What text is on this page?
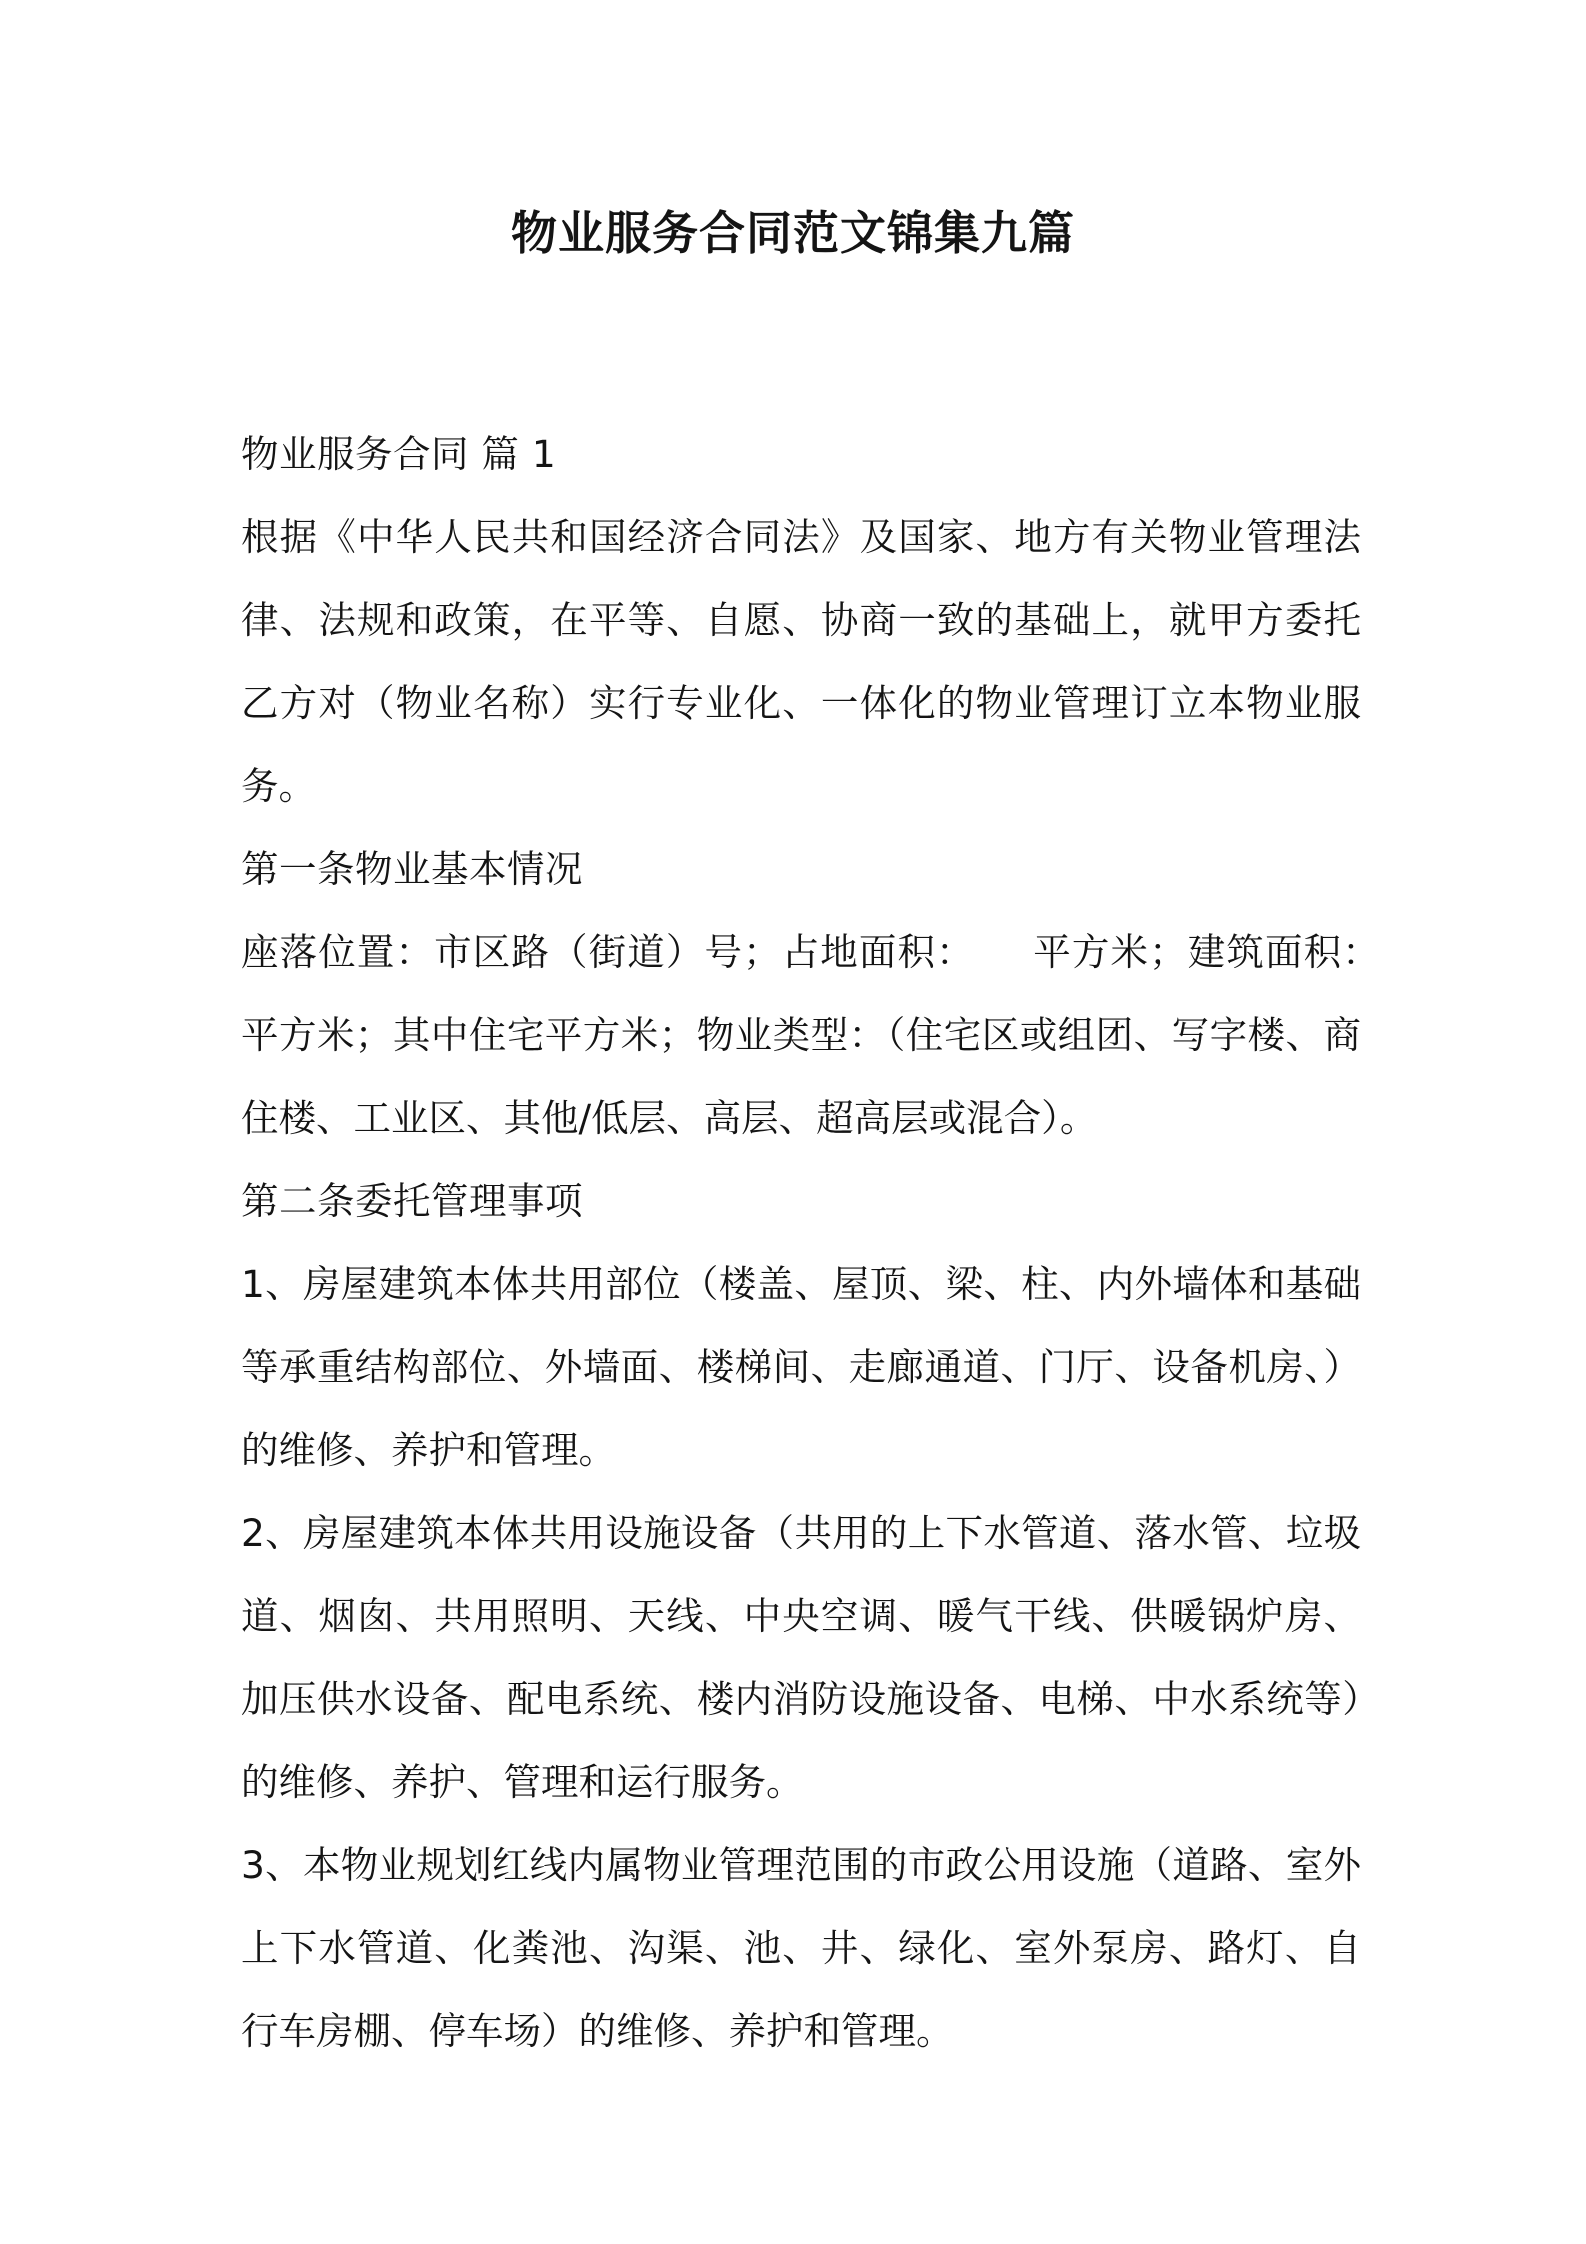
物业服务合同范文锦集九篇

物业服务合同 篇 1

根据《中华人民共和国经济合同法》及国家、地方有关物业管理法律、法规和政策，在平等、自愿、协商一致的基础上，就甲方委托乙方对（物业名称）实行专业化、一体化的物业管理订立本物业服务。

第一条物业基本情况

座落位置：市区路（街道）号；占地面积：　　平方米；建筑面积：　　平方米；其中住宅平方米；物业类型：（住宅区或组团、写字楼、商住楼、工业区、其他/低层、高层、超高层或混合）。

第二条委托管理事项

1、房屋建筑本体共用部位（楼盖、屋顶、梁、柱、内外墙体和基础等承重结构部位、外墙面、楼梯间、走廊通道、门厅、设备机房、）的维修、养护和管理。

2、房屋建筑本体共用设施设备（共用的上下水管道、落水管、垃圾道、烟囱、共用照明、天线、中央空调、暖气干线、供暖锅炉房、加压供水设备、配电系统、楼内消防设施设备、电梯、中水系统等）的维修、养护、管理和运行服务。

3、本物业规划红线内属物业管理范围的市政公用设施（道路、室外上下水管道、化粪池、沟渠、池、井、绿化、室外泵房、路灯、自行车房棚、停车场）的维修、养护和管理。
